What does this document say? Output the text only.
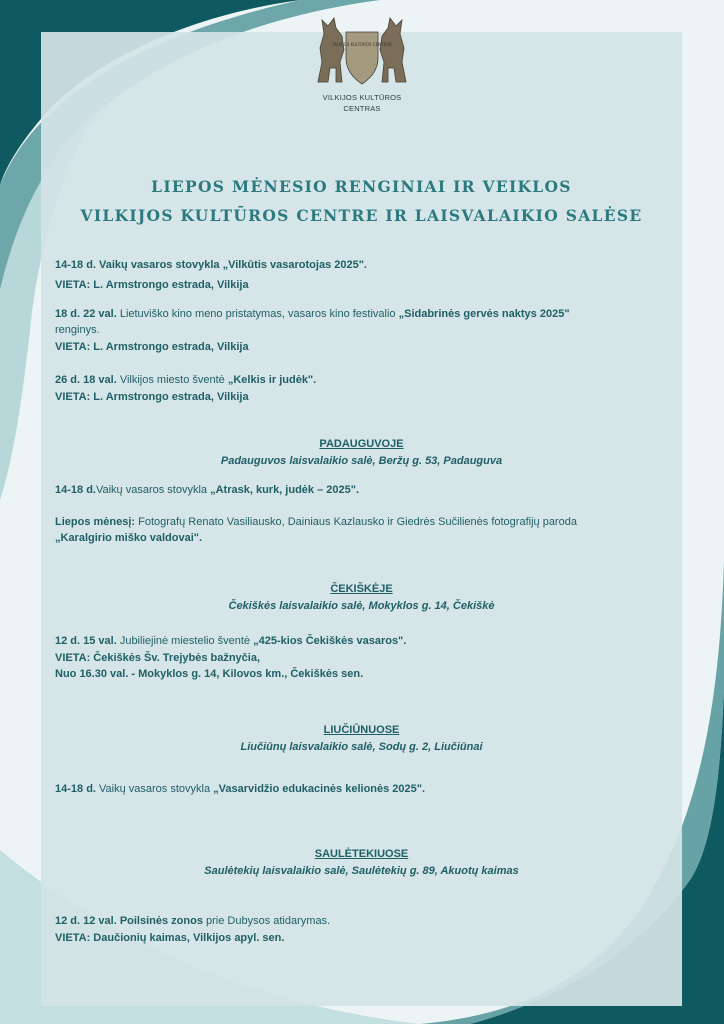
VILKIJOS KULTŪROS CENTRAS
VILKIJOS KULTŪROS
CENTRAS
LIEPOS MĖNESIO RENGINIAI IR VEIKLOS
VILKIJOS KULTŪROS CENTRE IR LAISVALAIKIO SALĖSE

14-18 d. Vaikų vasaros stovykla „Vilkūtis vasarotojas 2025".

VIETA: L. Armstrongo estrada, Vilkija

18 d. 22 val. Lietuviško kino meno pristatymas, vasaros kino festivalio „Sidabrinės gervės naktys 2025"

renginys.

VIETA: L. Armstrongo estrada, Vilkija

26 d. 18 val. Vilkijos miesto šventė „Kelkis ir judėk".

VIETA: L. Armstrongo estrada, Vilkija

PADAUGUVOJE

Padauguvos laisvalaikio salė, Beržų g. 53, Padauguva

14-18 d.Vaikų vasaros stovykla „Atrask, kurk, judėk – 2025".

Liepos mėnesį: Fotografų Renato Vasiliausko, Dainiaus Kazlausko ir Giedrės Sučilienės fotografijų paroda

„Karalgirio miško valdovai".

ČEKIŠKĖJE

Čekiškės laisvalaikio salė, Mokyklos g. 14, Čekiškė

12 d. 15 val. Jubiliejinė miestelio šventė „425-kios Čekiškės vasaros".

VIETA: Čekiškės Šv. Trejybės bažnyčia,

Nuo 16.30 val. - Mokyklos g. 14, Kilovos km., Čekiškės sen.

LIUČIŪNUOSE

Liučiūnų laisvalaikio salė, Sodų g. 2, Liučiūnai

14-18 d. Vaikų vasaros stovykla „Vasarvidžio edukacinės kelionės 2025".

SAULĖTEKIUOSE

Saulėtekių laisvalaikio salė, Saulėtekių g. 89, Akuotų kaimas

12 d. 12 val. Poilsinės zonos prie Dubysos atidarymas.

VIETA: Daučionių kaimas, Vilkijos apyl. sen.
